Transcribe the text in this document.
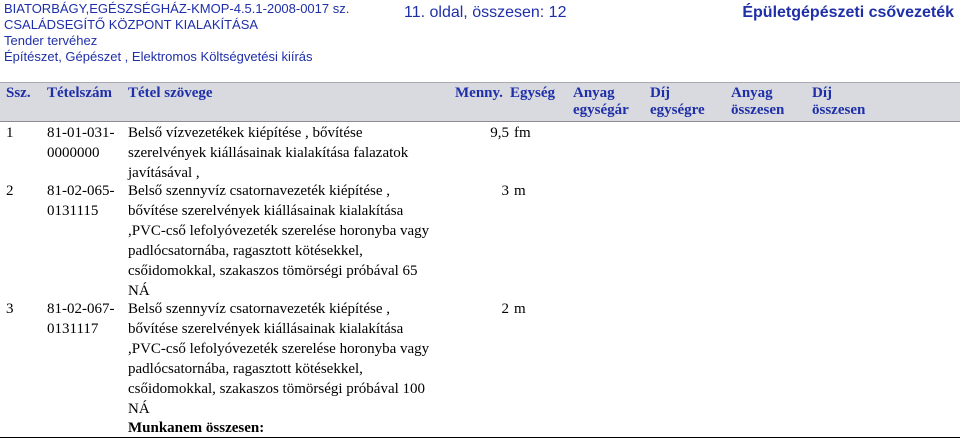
BIATORBÁGY,EGÉSZSÉGHÁZ-KMOP-4.5.1-2008-0017 sz.
CSALÁDSEGÍTŐ KÖZPONT KIALAKÍTÁSA
Tender tervéhez
Építészet, Gépészet , Elektromos Költségvetési kiírás
11. oldal, összesen: 12	Épületgépészeti csővezeték
Ssz. Tételszám Tétel szövege	Menny. Egység Anyag
egységár
Díj
egységre
Anyag
összesen
Díj
összesen
1 81-01-031-
0000000
Belső vízvezetékek kiépítése , bővítése
szerelvények kiállásainak kialakítása falazatok
javításával ,
9,5 fm
2 81-02-065-
0131115
Belső szennyvíz csatornavezeték kiépítése ,
bővítése szerelvények kiállásainak kialakítása
,PVC-cső lefolyóvezeték szerelése horonyba vagy
padlócsatornába, ragasztott kötésekkel,
csőidomokkal, szakaszos tömörségi próbával 65
NÁ
3 m
3 81-02-067-
0131117
Belső szennyvíz csatornavezeték kiépítése ,
bővítése szerelvények kiállásainak kialakítása
,PVC-cső lefolyóvezeték szerelése horonyba vagy
padlócsatornába, ragasztott kötésekkel,
csőidomokkal, szakaszos tömörségi próbával 100
NÁ
2 m
Munkanem összesen:
